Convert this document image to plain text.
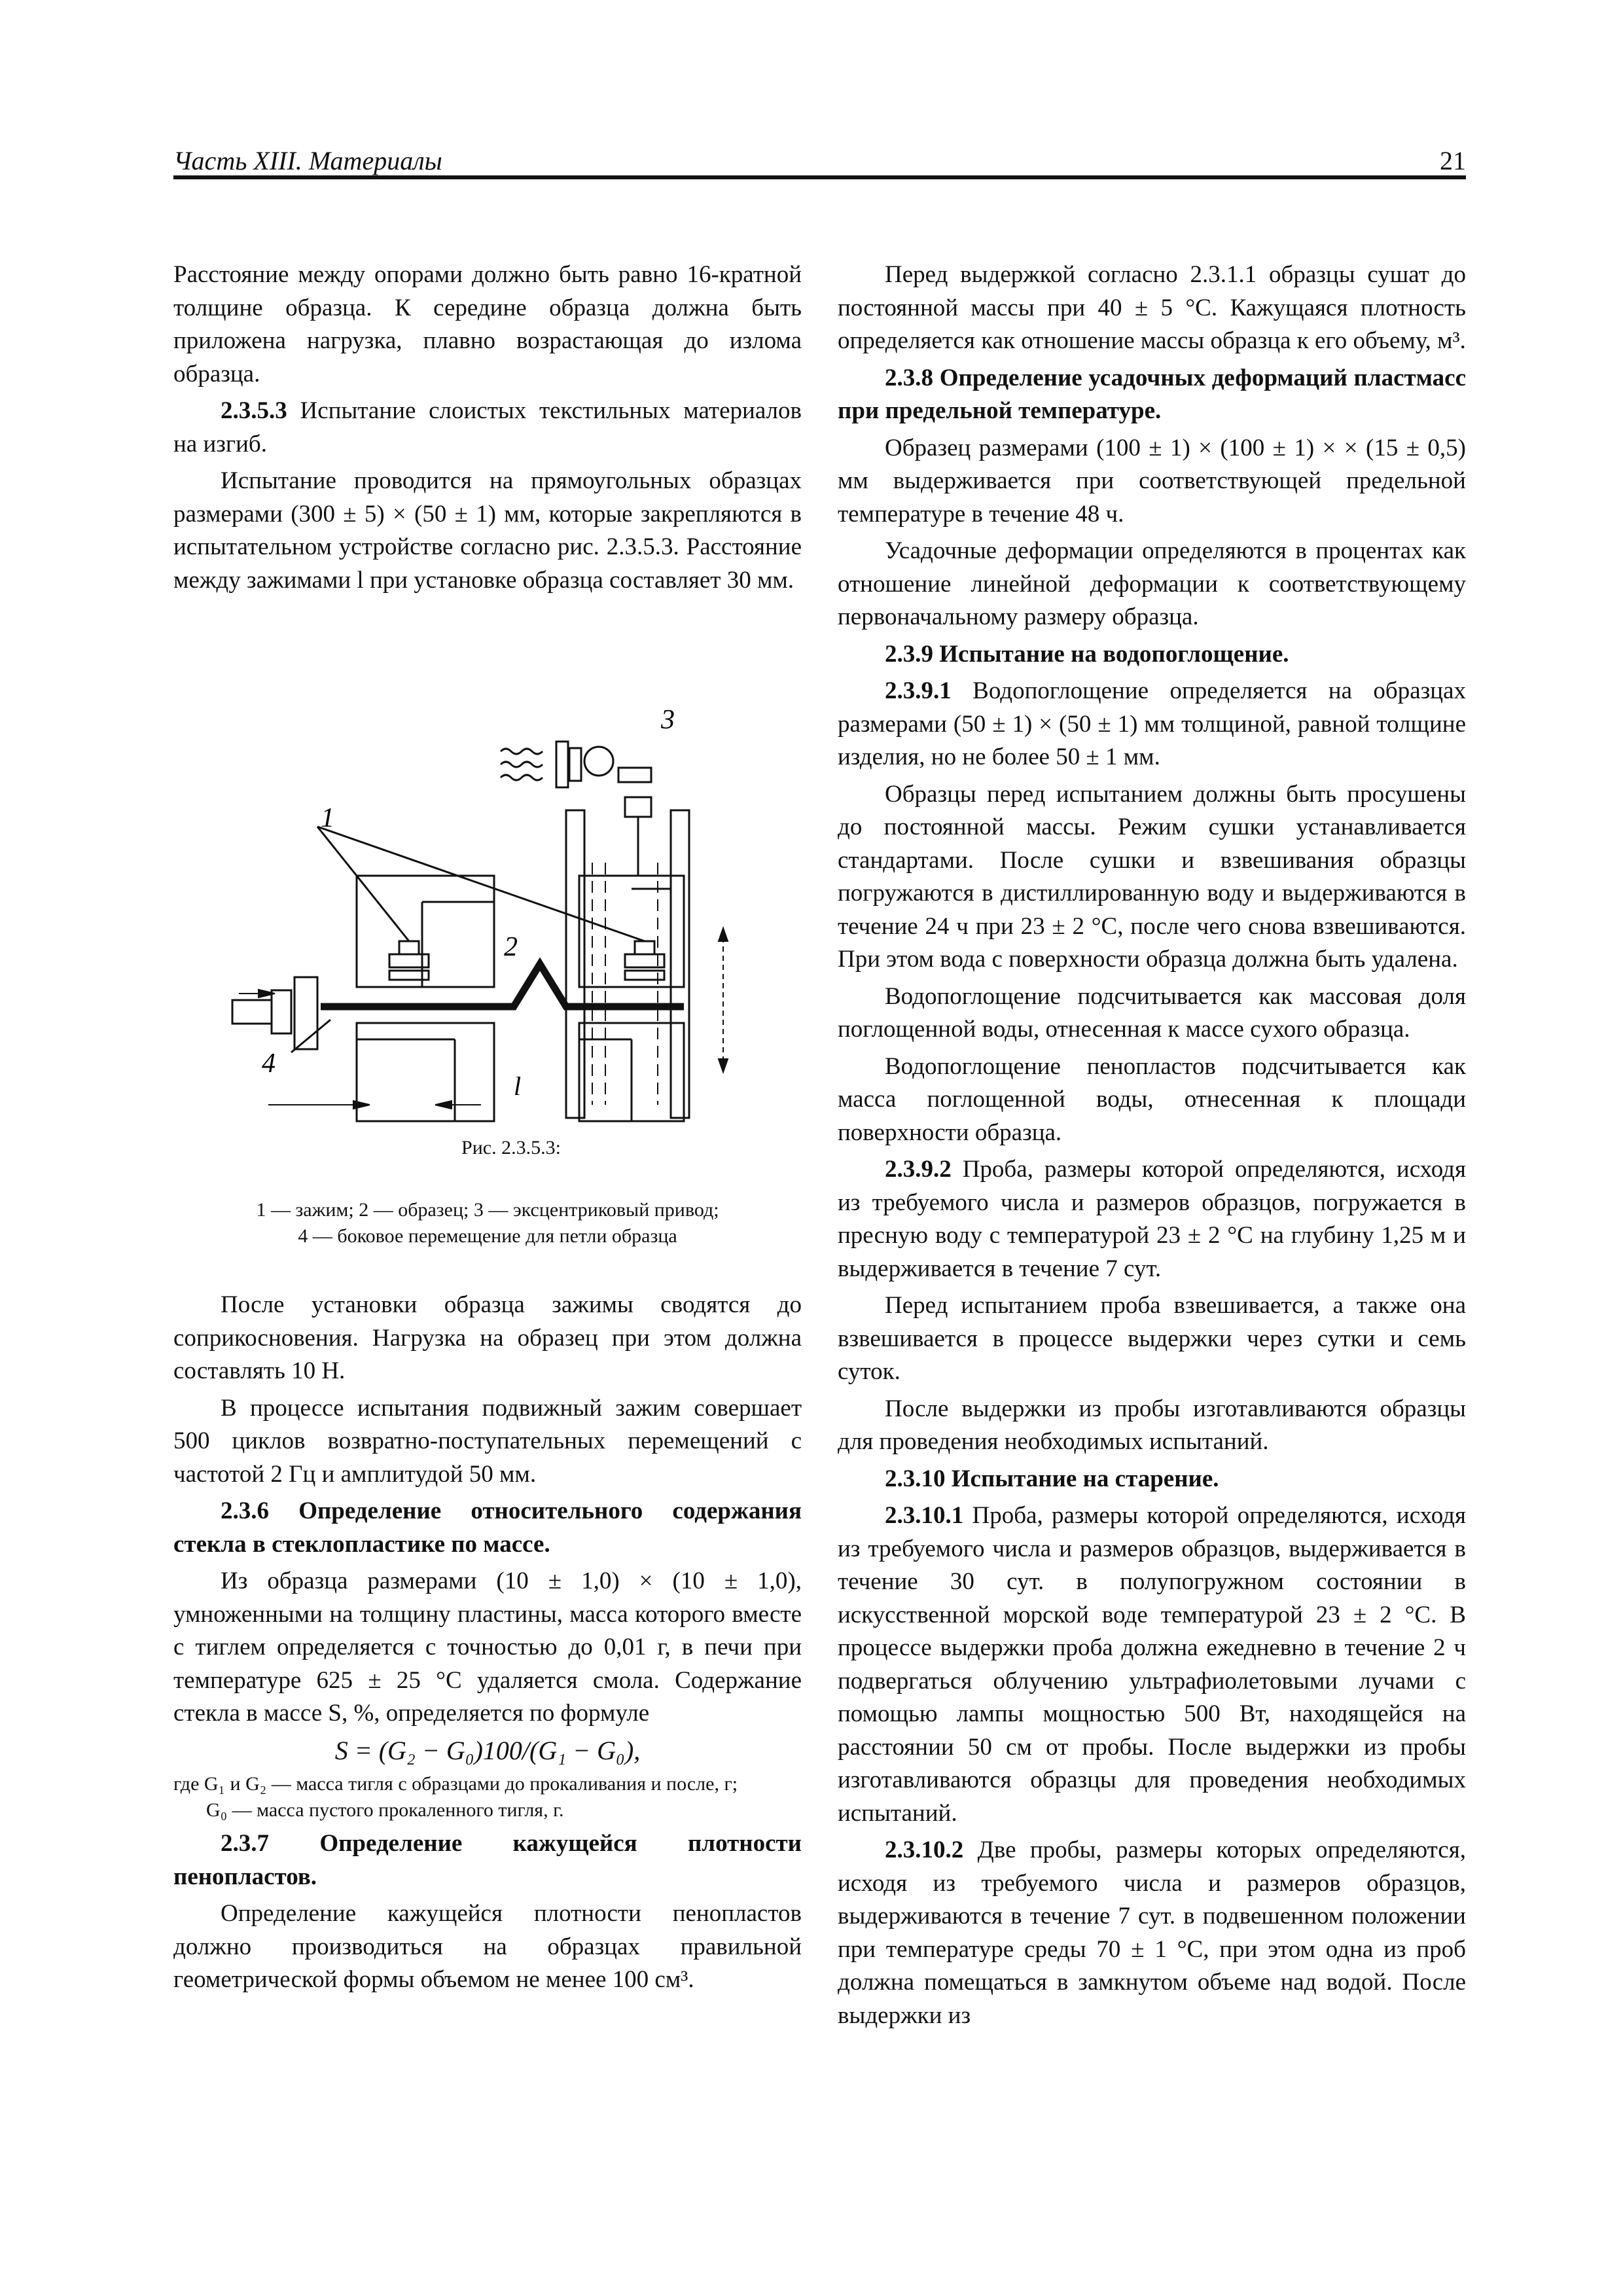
Часть XIII. Материалы	21

Расстояние между опорами должно быть равно 16-кратной толщине образца. К середине образца должна быть приложена нагрузка, плавно возрастающая до излома образца.

2.3.5.3 Испытание слоистых текстильных материалов на изгиб.

Испытание проводится на прямоугольных образцах размерами (300 ± 5) × (50 ± 1) мм, которые закрепляются в испытательном устройстве согласно рис. 2.3.5.3. Расстояние между зажимами l при установке образца составляет 30 мм.

1
2
3
4
l

Рис. 2.3.5.3:

1 — зажим; 2 — образец; 3 — эксцентриковый привод;
4 — боковое перемещение для петли образца

После установки образца зажимы сводятся до соприкосновения. Нагрузка на образец при этом должна составлять 10 Н.

В процессе испытания подвижный зажим совершает 500 циклов возвратно-поступательных перемещений с частотой 2 Гц и амплитудой 50 мм.

2.3.6 Определение относительного содержания стекла в стеклопластике по массе.

Из образца размерами (10 ± 1,0) × (10 ± 1,0), умноженными на толщину пластины, масса которого вместе с тиглем определяется с точностью до 0,01 г, в печи при температуре 625 ± 25 °C удаляется смола. Содержание стекла в массе S, %, определяется по формуле

S = (G₂ − G₀)100/(G₁ − G₀),

где G₁ и G₂ — масса тигля с образцами до прокаливания и после, г;
G₀ — масса пустого прокаленного тигля, г.

2.3.7 Определение кажущейся плотности пенопластов.

Определение кажущейся плотности пенопластов должно производиться на образцах правильной геометрической формы объемом не менее 100 см³.

Перед выдержкой согласно 2.3.1.1 образцы сушат до постоянной массы при 40 ± 5 °C. Кажущаяся плотность определяется как отношение массы образца к его объему, м³.

2.3.8 Определение усадочных деформаций пластмасс при предельной температуре.

Образец размерами (100 ± 1) × (100 ± 1) × × (15 ± 0,5) мм выдерживается при соответствующей предельной температуре в течение 48 ч.

Усадочные деформации определяются в процентах как отношение линейной деформации к соответствующему первоначальному размеру образца.

2.3.9 Испытание на водопоглощение.

2.3.9.1 Водопоглощение определяется на образцах размерами (50 ± 1) × (50 ± 1) мм толщиной, равной толщине изделия, но не более 50 ± 1 мм.

Образцы перед испытанием должны быть просушены до постоянной массы. Режим сушки устанавливается стандартами. После сушки и взвешивания образцы погружаются в дистиллированную воду и выдерживаются в течение 24 ч при 23 ± 2 °C, после чего снова взвешиваются. При этом вода с поверхности образца должна быть удалена.

Водопоглощение подсчитывается как массовая доля поглощенной воды, отнесенная к массе сухого образца.

Водопоглощение пенопластов подсчитывается как масса поглощенной воды, отнесенная к площади поверхности образца.

2.3.9.2 Проба, размеры которой определяются, исходя из требуемого числа и размеров образцов, погружается в пресную воду с температурой 23 ± 2 °C на глубину 1,25 м и выдерживается в течение 7 сут.

Перед испытанием проба взвешивается, а также она взвешивается в процессе выдержки через сутки и семь суток.

После выдержки из пробы изготавливаются образцы для проведения необходимых испытаний.

2.3.10 Испытание на старение.

2.3.10.1 Проба, размеры которой определяются, исходя из требуемого числа и размеров образцов, выдерживается в течение 30 сут. в полупогружном состоянии в искусственной морской воде температурой 23 ± 2 °C. В процессе выдержки проба должна ежедневно в течение 2 ч подвергаться облучению ультрафиолетовыми лучами с помощью лампы мощностью 500 Вт, находящейся на расстоянии 50 см от пробы. После выдержки из пробы изготавливаются образцы для проведения необходимых испытаний.

2.3.10.2 Две пробы, размеры которых определяются, исходя из требуемого числа и размеров образцов, выдерживаются в течение 7 сут. в подвешенном положении при температуре среды 70 ± 1 °C, при этом одна из проб должна помещаться в замкнутом объеме над водой. После выдержки из
